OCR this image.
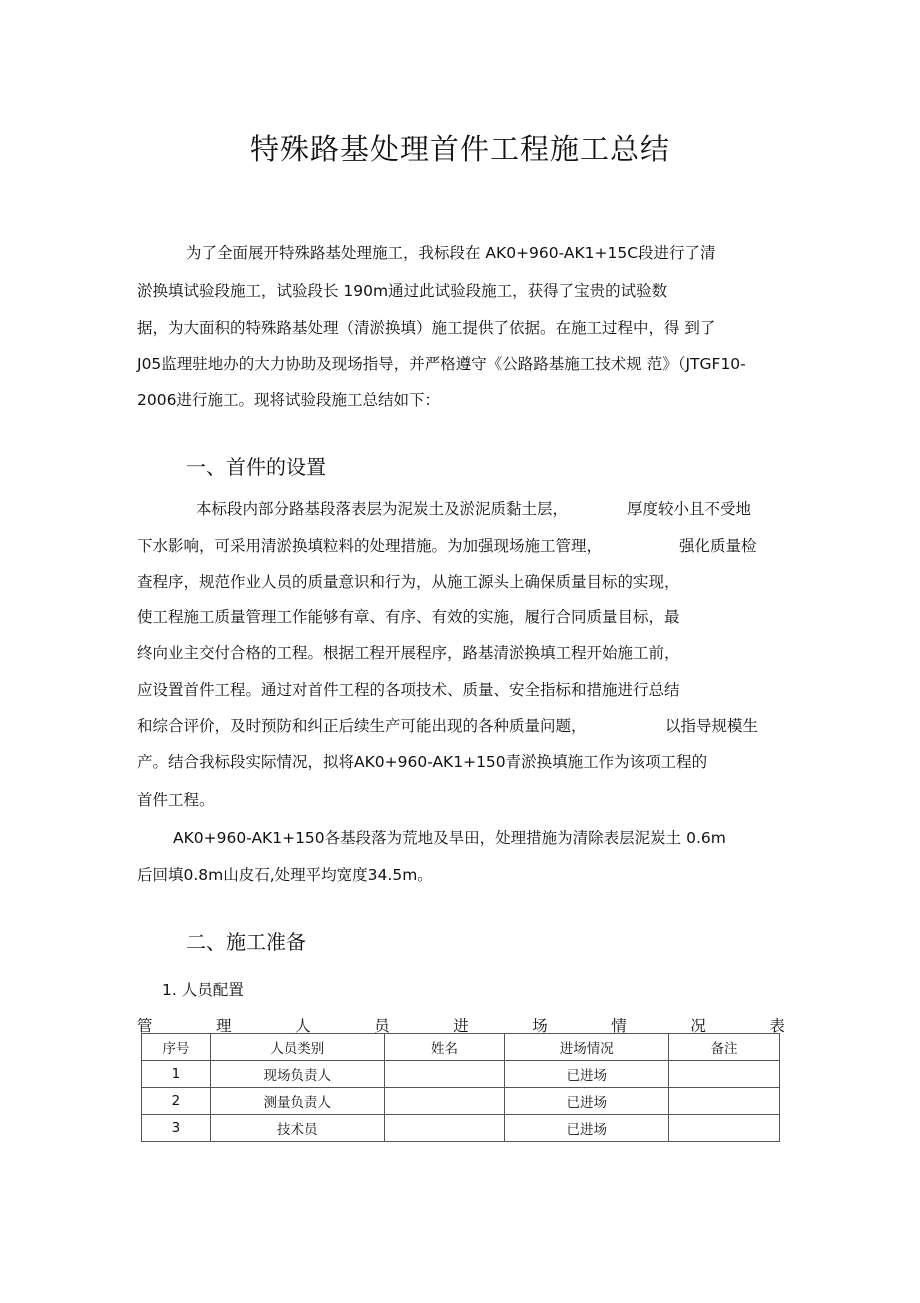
特殊路基处理首件工程施工总结
为了全面展开特殊路基处理施工，我标段在 AK0+960-AK1+15C段进行了清
淤换填试验段施工，试验段长 190m通过此试验段施工，获得了宝贵的试验数
据，为大面积的特殊路基处理（清淤换填）施工提供了依据。在施工过程中，得 到了
J05监理驻地办的大力协助及现场指导，并严格遵守《公路路基施工技术规 范》（JTGF10-
2006进行施工。现将试验段施工总结如下：
一、首件的设置
本标段内部分路基段落表层为泥炭土及淤泥质黏土层，	厚度较小且不受地
下水影响，可采用清淤换填粒料的处理措施。为加强现场施工管理，	强化质量检
查程序，规范作业人员的质量意识和行为，从施工源头上确保质量目标的实现，
使工程施工质量管理工作能够有章、有序、有效的实施，履行合同质量目标，最
终向业主交付合格的工程。根据工程开展程序，路基清淤换填工程开始施工前，
应设置首件工程。通过对首件工程的各项技术、质量、安全指标和措施进行总结
和综合评价，及时预防和纠正后续生产可能出现的各种质量问题，	以指导规模生
产。结合我标段实际情况，拟将AK0+960-AK1+150青淤换填施工作为该项工程的
首件工程。
AK0+960-AK1+150各基段落为荒地及旱田，处理措施为清除表层泥炭土 0.6m
后回填0.8m山皮石,处理平均宽度34.5m。
二、施工准备
1. 人员配置
管	理	人	员	进	场	情	况	表
序号	人员类别	姓名	进场情况	备注
1	现场负责人		已进场	
2	测量负责人		已进场	
3	技术员		已进场	
